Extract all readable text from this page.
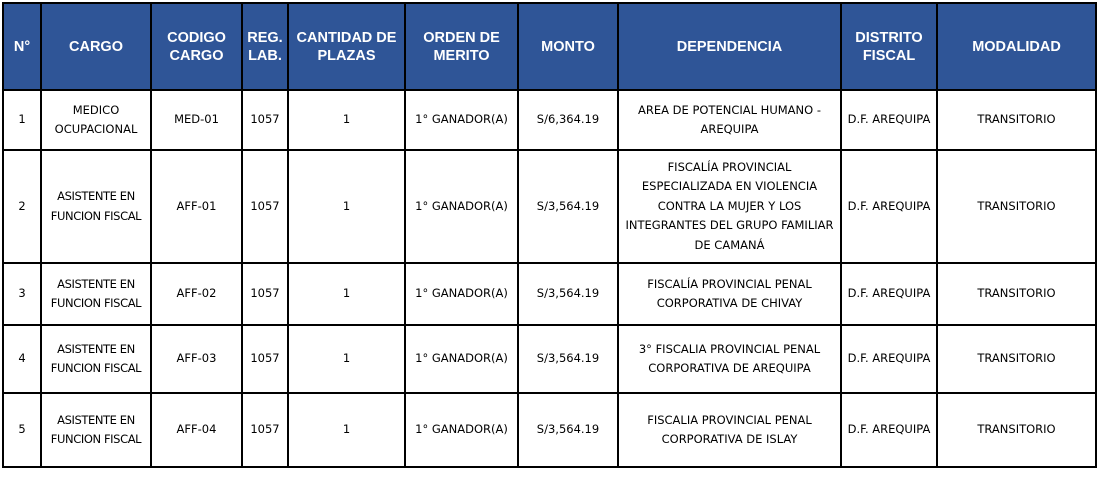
N°	CARGO	CODIGO CARGO	REG. LAB.	CANTIDAD DE PLAZAS	ORDEN DE MERITO	MONTO	DEPENDENCIA	DISTRITO FISCAL	MODALIDAD
1	MEDICO OCUPACIONAL	MED-01	1057	1	1° GANADOR(A)	S/6,364.19	AREA DE POTENCIAL HUMANO - AREQUIPA	D.F. AREQUIPA	TRANSITORIO
2	ASISTENTE EN FUNCION FISCAL	AFF-01	1057	1	1° GANADOR(A)	S/3,564.19	FISCALÍA PROVINCIAL ESPECIALIZADA EN VIOLENCIA CONTRA LA MUJER Y LOS INTEGRANTES DEL GRUPO FAMILIAR DE CAMANÁ	D.F. AREQUIPA	TRANSITORIO
3	ASISTENTE EN FUNCION FISCAL	AFF-02	1057	1	1° GANADOR(A)	S/3,564.19	FISCALÍA PROVINCIAL PENAL CORPORATIVA DE CHIVAY	D.F. AREQUIPA	TRANSITORIO
4	ASISTENTE EN FUNCION FISCAL	AFF-03	1057	1	1° GANADOR(A)	S/3,564.19	3° FISCALIA PROVINCIAL PENAL CORPORATIVA DE AREQUIPA	D.F. AREQUIPA	TRANSITORIO
5	ASISTENTE EN FUNCION FISCAL	AFF-04	1057	1	1° GANADOR(A)	S/3,564.19	FISCALIA PROVINCIAL PENAL CORPORATIVA DE ISLAY	D.F. AREQUIPA	TRANSITORIO
